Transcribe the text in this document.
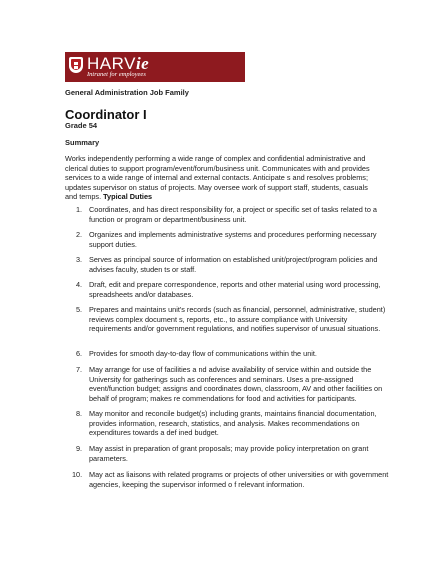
HARVie
Intranet for employees
General Administration Job Family
Coordinator I
Grade 54
Summary

Works independently performing a wide range of complex and confidential administrative and clerical duties to support program/event/forum/business unit. Communicates with and provides services to a wide range of internal and external contacts. Anticipate s and resolves problems; updates supervisor on status of projects. May oversee work of support staff, students, casuals and temps. Typical Duties

1. Coordinates, and has direct responsibility for, a project or specific set of tasks related to a function or program or department/business unit.
2. Organizes and implements administrative systems and procedures performing necessary support duties.
3. Serves as principal source of information on established unit/project/program policies and advises faculty, studen ts or staff.
4. Draft, edit and prepare correspondence, reports and other material using word processing, spreadsheets and/or databases.
5. Prepares and maintains unit's records (such as financial, personnel, administrative, student) reviews complex document s, reports, etc., to assure compliance with University requirements and/or government regulations, and notifies supervisor of unusual situations.
6. Provides for smooth day-to-day flow of communications within the unit.
7. May arrange for use of facilities a nd advise availability of service within and outside the University for gatherings such as conferences and seminars. Uses a pre-assigned event/function budget; assigns and coordinates down, classroom, AV and other facilities on behalf of program; makes re commendations for food and activities for participants.
8. May monitor and reconcile budget(s) including grants, maintains financial documentation, provides information, research, statistics, and analysis. Makes recommendations on expenditures towards a def ined budget.
9. May assist in preparation of grant proposals; may provide policy interpretation on grant parameters.
10. May act as liaisons with related programs or projects of other universities or with government agencies, keeping the supervisor informed o f relevant information.
